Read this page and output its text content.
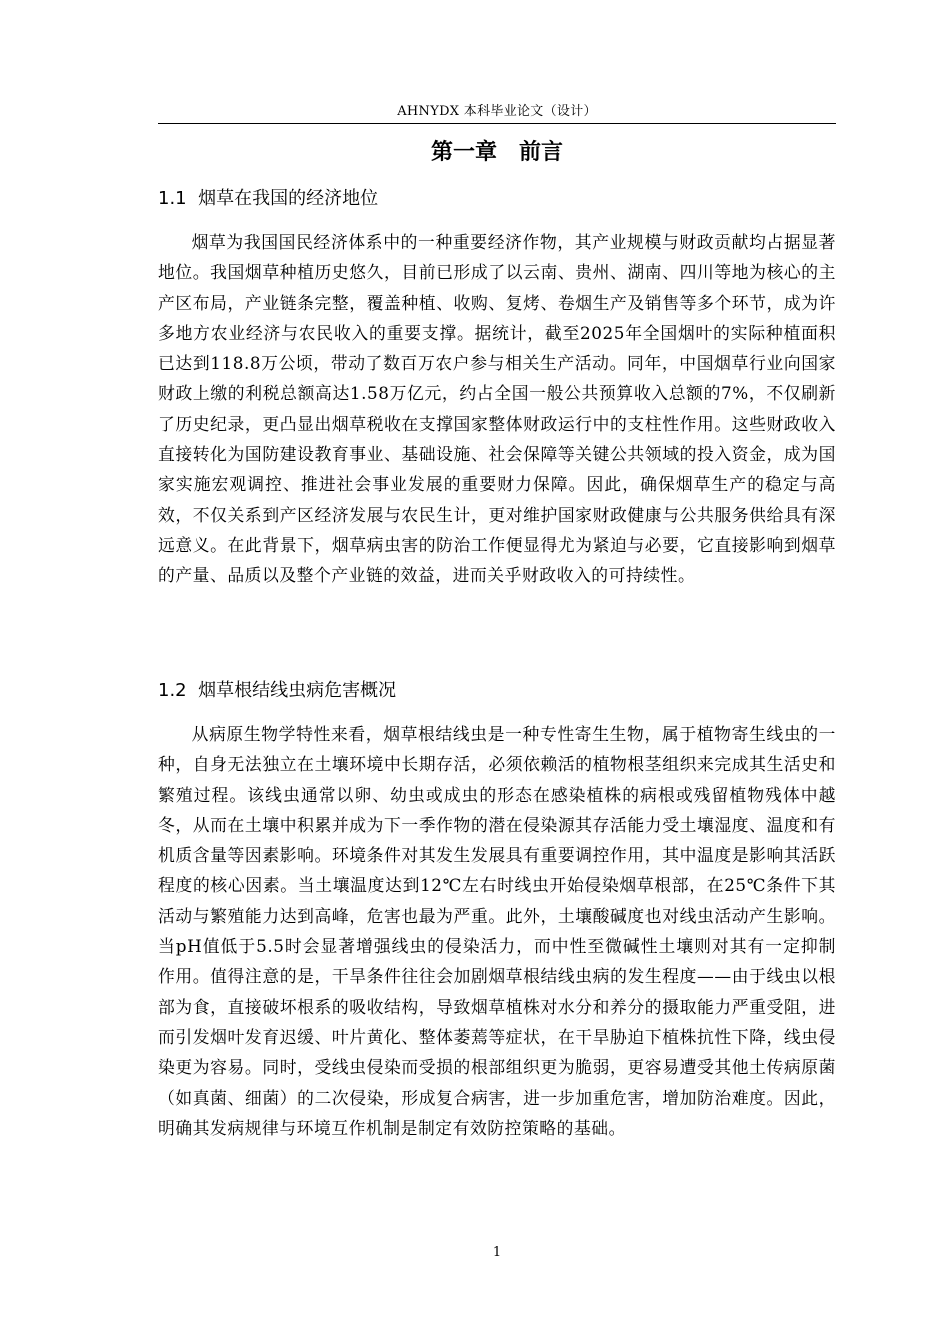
AHNYDX 本科毕业论文（设计）
第一章　前言
1.1  烟草在我国的经济地位

烟草为我国国民经济体系中的一种重要经济作物，其产业规模与财政贡献均占据显著地位。我国烟草种植历史悠久，目前已形成了以云南、贵州、湖南、四川等地为核心的主产区布局，产业链条完整，覆盖种植、收购、复烤、卷烟生产及销售等多个环节，成为许多地方农业经济与农民收入的重要支撑。据统计，截至2025年全国烟叶的实际种植面积已达到118.8万公顷，带动了数百万农户参与相关生产活动。同年，中国烟草行业向国家财政上缴的利税总额高达1.58万亿元，约占全国一般公共预算收入总额的7%，不仅刷新了历史纪录，更凸显出烟草税收在支撑国家整体财政运行中的支柱性作用。这些财政收入直接转化为国防建设教育事业、基础设施、社会保障等关键公共领域的投入资金，成为国家实施宏观调控、推进社会事业发展的重要财力保障。因此，确保烟草生产的稳定与高效，不仅关系到产区经济发展与农民生计，更对维护国家财政健康与公共服务供给具有深远意义。在此背景下，烟草病虫害的防治工作便显得尤为紧迫与必要，它直接影响到烟草的产量、品质以及整个产业链的效益，进而关乎财政收入的可持续性。

1.2  烟草根结线虫病危害概况

从病原生物学特性来看，烟草根结线虫是一种专性寄生生物，属于植物寄生线虫的一种，自身无法独立在土壤环境中长期存活，必须依赖活的植物根茎组织来完成其生活史和繁殖过程。该线虫通常以卵、幼虫或成虫的形态在感染植株的病根或残留植物残体中越冬，从而在土壤中积累并成为下一季作物的潜在侵染源其存活能力受土壤湿度、温度和有机质含量等因素影响。环境条件对其发生发展具有重要调控作用，其中温度是影响其活跃程度的核心因素。当土壤温度达到12℃左右时线虫开始侵染烟草根部，在25℃条件下其活动与繁殖能力达到高峰，危害也最为严重。此外，土壤酸碱度也对线虫活动产生影响。当pH值低于5.5时会显著增强线虫的侵染活力，而中性至微碱性土壤则对其有一定抑制作用。值得注意的是，干旱条件往往会加剧烟草根结线虫病的发生程度——由于线虫以根部为食，直接破坏根系的吸收结构，导致烟草植株对水分和养分的摄取能力严重受阻，进而引发烟叶发育迟缓、叶片黄化、整体萎蔫等症状，在干旱胁迫下植株抗性下降，线虫侵染更为容易。同时，受线虫侵染而受损的根部组织更为脆弱，更容易遭受其他土传病原菌（如真菌、细菌）的二次侵染，形成复合病害，进一步加重危害，增加防治难度。因此，明确其发病规律与环境互作机制是制定有效防控策略的基础。

1
